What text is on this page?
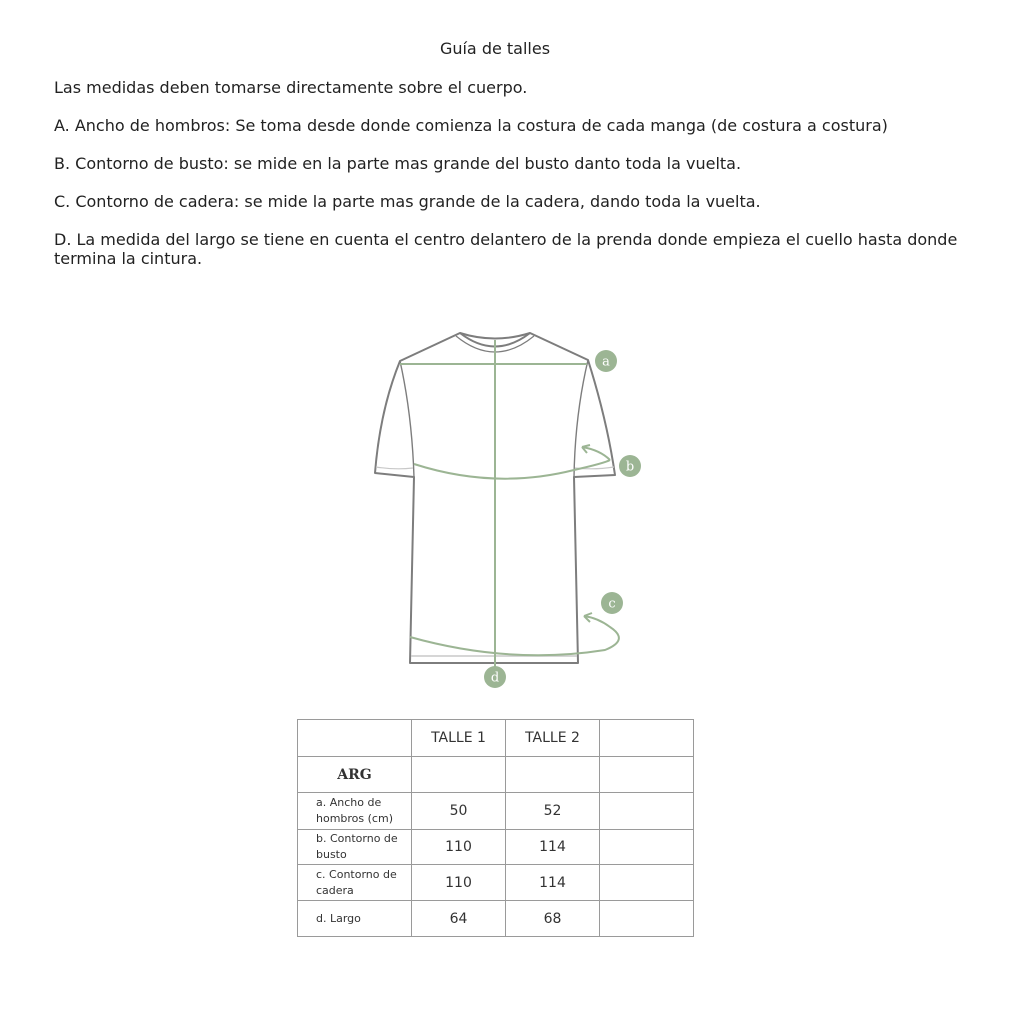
Guía de talles

Las medidas deben tomarse directamente sobre el cuerpo.

A. Ancho de hombros: Se toma desde donde comienza la costura de cada manga (de costura a costura)

B. Contorno de busto: se mide en la parte mas grande del busto danto toda la vuelta.

C. Contorno de cadera: se mide la parte mas grande de la cadera, dando toda la vuelta.

D. La medida del largo se tiene en cuenta el centro delantero de la prenda donde empieza el cuello hasta donde termina la cintura.

a
b
c
d
	TALLE 1	TALLE 2	
ARG			
a. Ancho de hombros (cm)	50	52	
b. Contorno de busto	110	114	
c. Contorno de cadera	110	114	
d. Largo	64	68	
